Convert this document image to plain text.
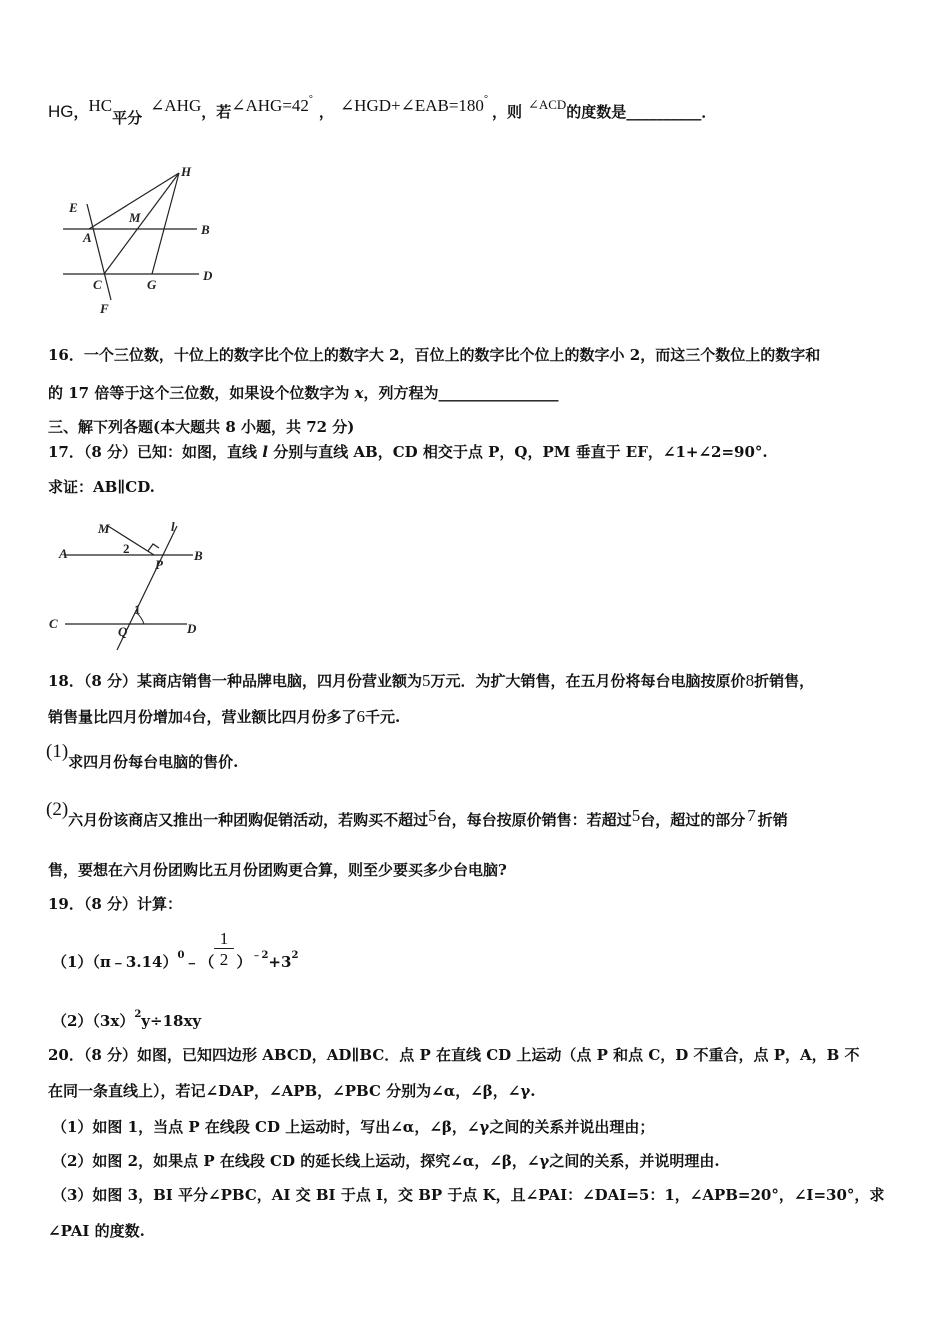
HG，HC平分∠AHG，若∠AHG=42°， ∠HGD+∠EAB=180°，则 ∠ACD的度数是__________．
H
E
M
A
B
C	G
D
F
16．一个三位数，十位上的数字比个位上的数字大 2，百位上的数字比个位上的数字小 2，而这三个数位上的数字和
的 17 倍等于这个三位数，如果设个位数字为 x，列方程为________________
三、解下列各题(本大题共 8 小题，共 72 分)
17．（8 分）已知：如图，直线 l 分别与直线 AB，CD 相交于点 P，Q，PM 垂直于 EF，∠1+∠2=90°.
求证：AB∥CD.
M	l
2
A	B
P
C
1
Q	D
18．（8 分）某商店销售一种品牌电脑，四月份营业额为5万元．为扩大销售，在五月份将每台电脑按原价8折销售，
销售量比四月份增加4台，营业额比四月份多了6千元.
(1)求四月份每台电脑的售价.
(2)六月份该商店又推出一种团购促销活动，若购买不超过5台，每台按原价销售：若超过5台，超过的部分 7 折销
售，要想在六月份团购比五月份团购更合算，则至少要买多少台电脑?
19．（8 分）计算：
（1）（π﹣3.14）$^0$﹣（ ）$^{﹣2}+3^2$
$\frac{1}{2}$
$(2)(3x)^2y\div 18xy$
20．（8 分）如图，已知四边形 ABCD，AD∥BC．点 P 在直线 CD 上运动（点 P 和点 C，D 不重合，点 P，A，B 不
在同一条直线上），若记∠DAP，∠APB，∠PBC 分别为∠α，∠β，∠γ.
（1）如图 1，当点 P 在线段 CD 上运动时，写出∠α，∠β，∠γ之间的关系并说出理由；
（2）如图 2，如果点 P 在线段 CD 的延长线上运动，探究∠α，∠β，∠γ之间的关系，并说明理由.
（3）如图 3，BI 平分∠PBC，AI 交 BI 于点 I，交 BP 于点 K，且∠PAI：∠DAI=5：1，∠APB=20°，∠I=30°，求
∠PAI 的度数.
